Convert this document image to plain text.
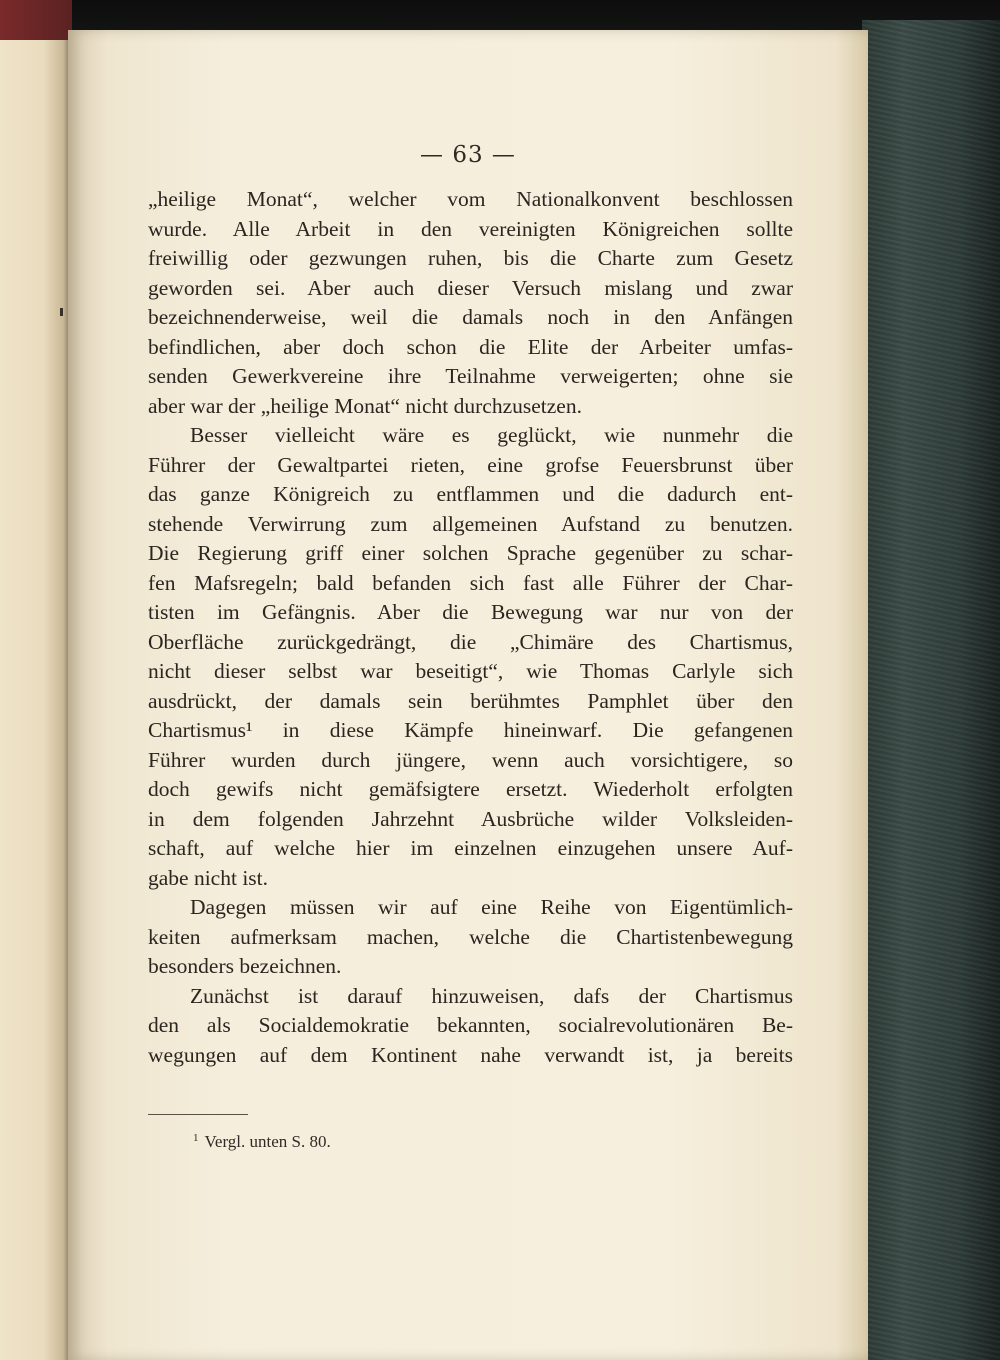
— 63 —
„heilige Monat“, welcher vom Nationalkonvent beschlossen
wurde. Alle Arbeit in den vereinigten Königreichen sollte
freiwillig oder gezwungen ruhen, bis die Charte zum Gesetz
geworden sei. Aber auch dieser Versuch mislang und zwar
bezeichnenderweise, weil die damals noch in den Anfängen
befindlichen, aber doch schon die Elite der Arbeiter umfas-
senden Gewerkvereine ihre Teilnahme verweigerten; ohne sie
aber war der „heilige Monat“ nicht durchzusetzen.
Besser vielleicht wäre es geglückt, wie nunmehr die
Führer der Gewaltpartei rieten, eine grofse Feuersbrunst über
das ganze Königreich zu entflammen und die dadurch ent-
stehende Verwirrung zum allgemeinen Aufstand zu benutzen.
Die Regierung griff einer solchen Sprache gegenüber zu schar-
fen Mafsregeln; bald befanden sich fast alle Führer der Char-
tisten im Gefängnis. Aber die Bewegung war nur von der
Oberfläche zurückgedrängt, die „Chimäre des Chartismus,
nicht dieser selbst war beseitigt“, wie Thomas Carlyle sich
ausdrückt, der damals sein berühmtes Pamphlet über den
Chartismus¹ in diese Kämpfe hineinwarf. Die gefangenen
Führer wurden durch jüngere, wenn auch vorsichtigere, so
doch gewifs nicht gemäfsigtere ersetzt. Wiederholt erfolgten
in dem folgenden Jahrzehnt Ausbrüche wilder Volksleiden-
schaft, auf welche hier im einzelnen einzugehen unsere Auf-
gabe nicht ist.
Dagegen müssen wir auf eine Reihe von Eigentümlich-
keiten aufmerksam machen, welche die Chartistenbewegung
besonders bezeichnen.
Zunächst ist darauf hinzuweisen, dafs der Chartismus
den als Socialdemokratie bekannten, socialrevolutionären Be-
wegungen auf dem Kontinent nahe verwandt ist, ja bereits
$^1$ Vergl. unten S. 80.
